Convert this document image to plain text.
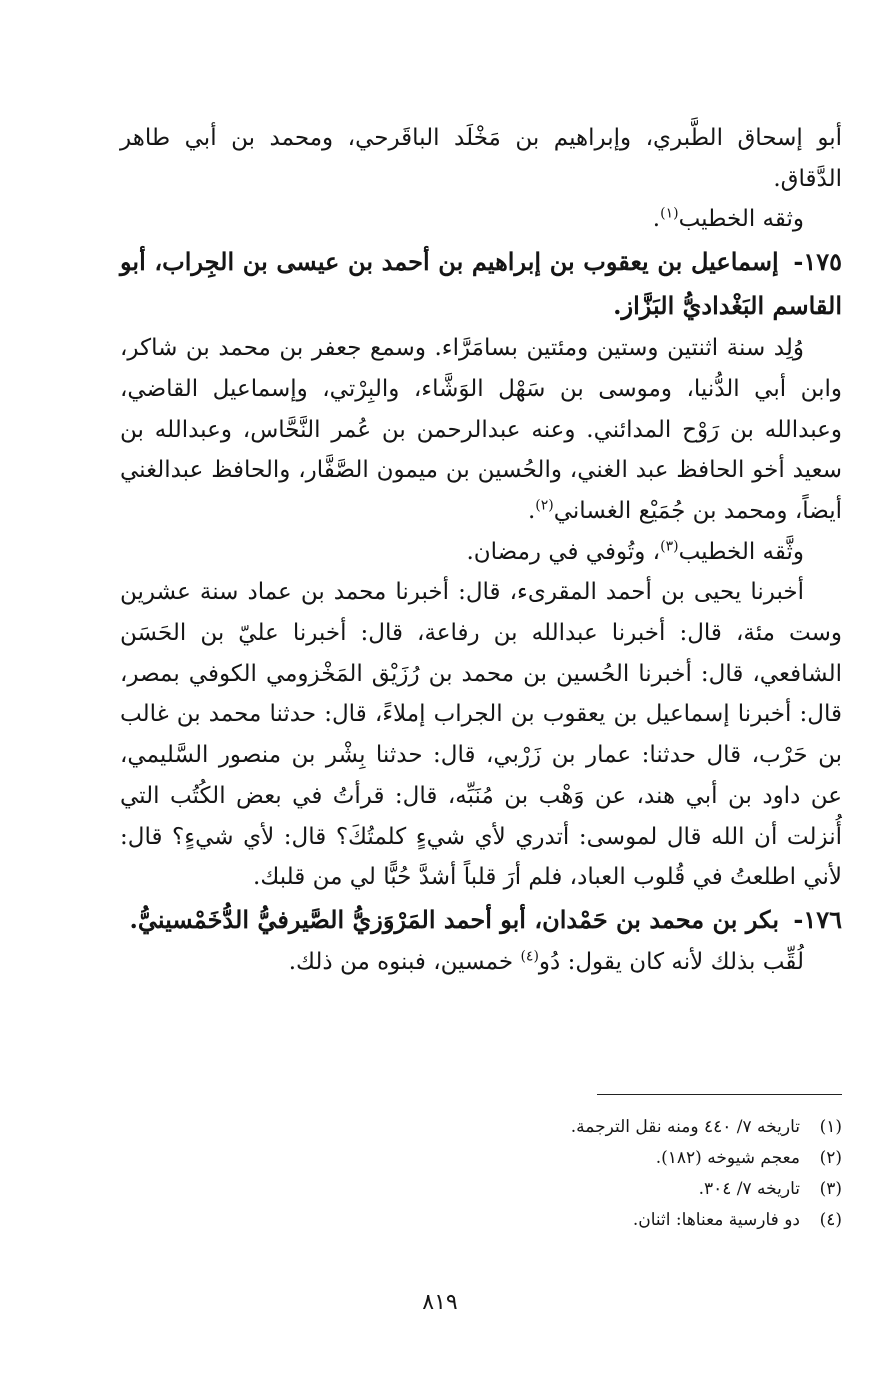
أبو إسحاق الطَّبري، وإبراهيم بن مَخْلَد الباقَرحي، ومحمد بن أبي طاهر الدَّقاق.

وثقه الخطيب$^{(١)}$.

١٧٥- إسماعيل بن يعقوب بن إبراهيم بن أحمد بن عيسى بن الجِراب، أبو القاسم البَغْداديُّ البَزَّاز.

وُلِد سنة اثنتين وستين ومئتين بسامَرَّاء. وسمع جعفر بن محمد بن شاكر، وابن أبي الدُّنيا، وموسى بن سَهْل الوَشَّاء، والبِرْتي، وإسماعيل القاضي، وعبدالله بن رَوْح المدائني. وعنه عبدالرحمن بن عُمر النَّحَّاس، وعبدالله بن سعيد أخو الحافظ عبد الغني، والحُسين بن ميمون الصَّفَّار، والحافظ عبدالغني أيضاً، ومحمد بن جُمَيْع الغساني$^{(٢)}$.

وثَّقه الخطيب$^{(٣)}$، وتُوفي في رمضان.

أخبرنا يحيى بن أحمد المقرىء، قال: أخبرنا محمد بن عماد سنة عشرين وست مئة، قال: أخبرنا عبدالله بن رفاعة، قال: أخبرنا عليّ بن الحَسَن الشافعي، قال: أخبرنا الحُسين بن محمد بن رُزَيْق المَخْزومي الكوفي بمصر، قال: أخبرنا إسماعيل بن يعقوب بن الجراب إملاءً، قال: حدثنا محمد بن غالب بن حَرْب، قال حدثنا: عمار بن زَرْبي، قال: حدثنا بِشْر بن منصور السَّليمي، عن داود بن أبي هند، عن وَهْب بن مُنَبِّه، قال: قرأتُ في بعض الكُتُب التي أُنزلت أن الله قال لموسى: أتدري لأي شيءٍ كلمتُكَ؟ قال: لأي شيءٍ؟ قال: لأني اطلعتُ في قُلوب العباد، فلم أرَ قلباً أشدَّ حُبًّا لي من قلبك.

١٧٦- بكر بن محمد بن حَمْدان، أبو أحمد المَرْوَزيُّ الصَّيرفيُّ الدُّخَمْسينيُّ.

لُقِّب بذلك لأنه كان يقول: دُو$^{(٤)}$ خمسين، فبنوه من ذلك.

(١)تاريخه ٧/ ٤٤٠ ومنه نقل الترجمة.
(٢)معجم شيوخه (١٨٢).
(٣)تاريخه ٧/ ٣٠٤.
(٤)دو فارسية معناها: اثنان.
٨١٩
